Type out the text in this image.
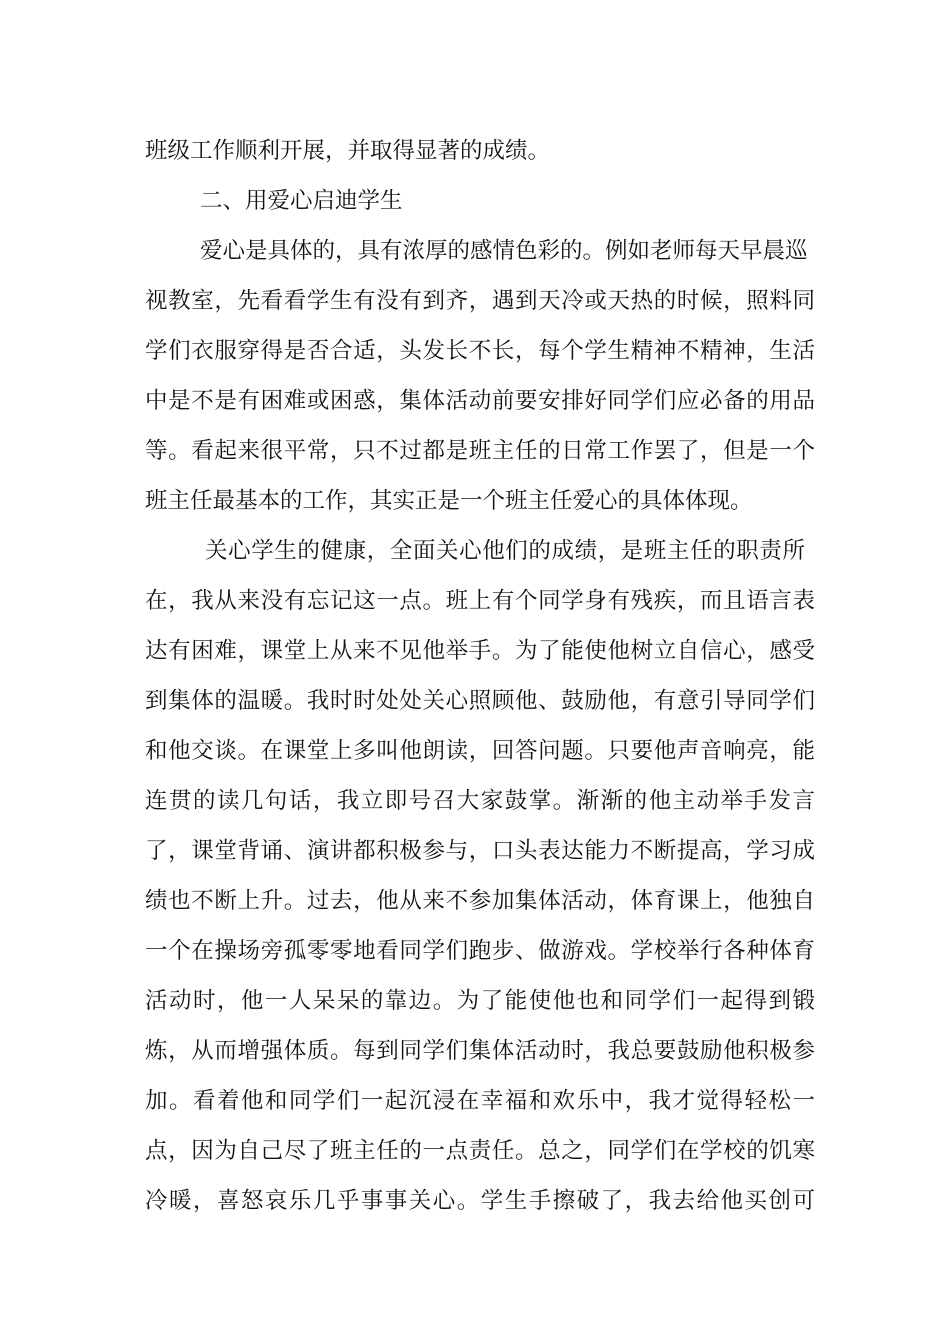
班级工作顺利开展，并取得显著的成绩。
二、用爱心启迪学生
爱心是具体的，具有浓厚的感情色彩的。例如老师每天早晨巡
视教室，先看看学生有没有到齐，遇到天冷或天热的时候，照料同
学们衣服穿得是否合适，头发长不长，每个学生精神不精神，生活
中是不是有困难或困惑，集体活动前要安排好同学们应必备的用品
等。看起来很平常，只不过都是班主任的日常工作罢了，但是一个
班主任最基本的工作，其实正是一个班主任爱心的具体体现。
关心学生的健康，全面关心他们的成绩，是班主任的职责所
在，我从来没有忘记这一点。班上有个同学身有残疾，而且语言表
达有困难，课堂上从来不见他举手。为了能使他树立自信心，感受
到集体的温暖。我时时处处关心照顾他、鼓励他，有意引导同学们
和他交谈。在课堂上多叫他朗读，回答问题。只要他声音响亮，能
连贯的读几句话，我立即号召大家鼓掌。渐渐的他主动举手发言
了，课堂背诵、演讲都积极参与，口头表达能力不断提高，学习成
绩也不断上升。过去，他从来不参加集体活动，体育课上，他独自
一个在操场旁孤零零地看同学们跑步、做游戏。学校举行各种体育
活动时，他一人呆呆的靠边。为了能使他也和同学们一起得到锻
炼，从而增强体质。每到同学们集体活动时，我总要鼓励他积极参
加。看着他和同学们一起沉浸在幸福和欢乐中，我才觉得轻松一
点，因为自己尽了班主任的一点责任。总之，同学们在学校的饥寒
冷暖，喜怒哀乐几乎事事关心。学生手擦破了，我去给他买创可
